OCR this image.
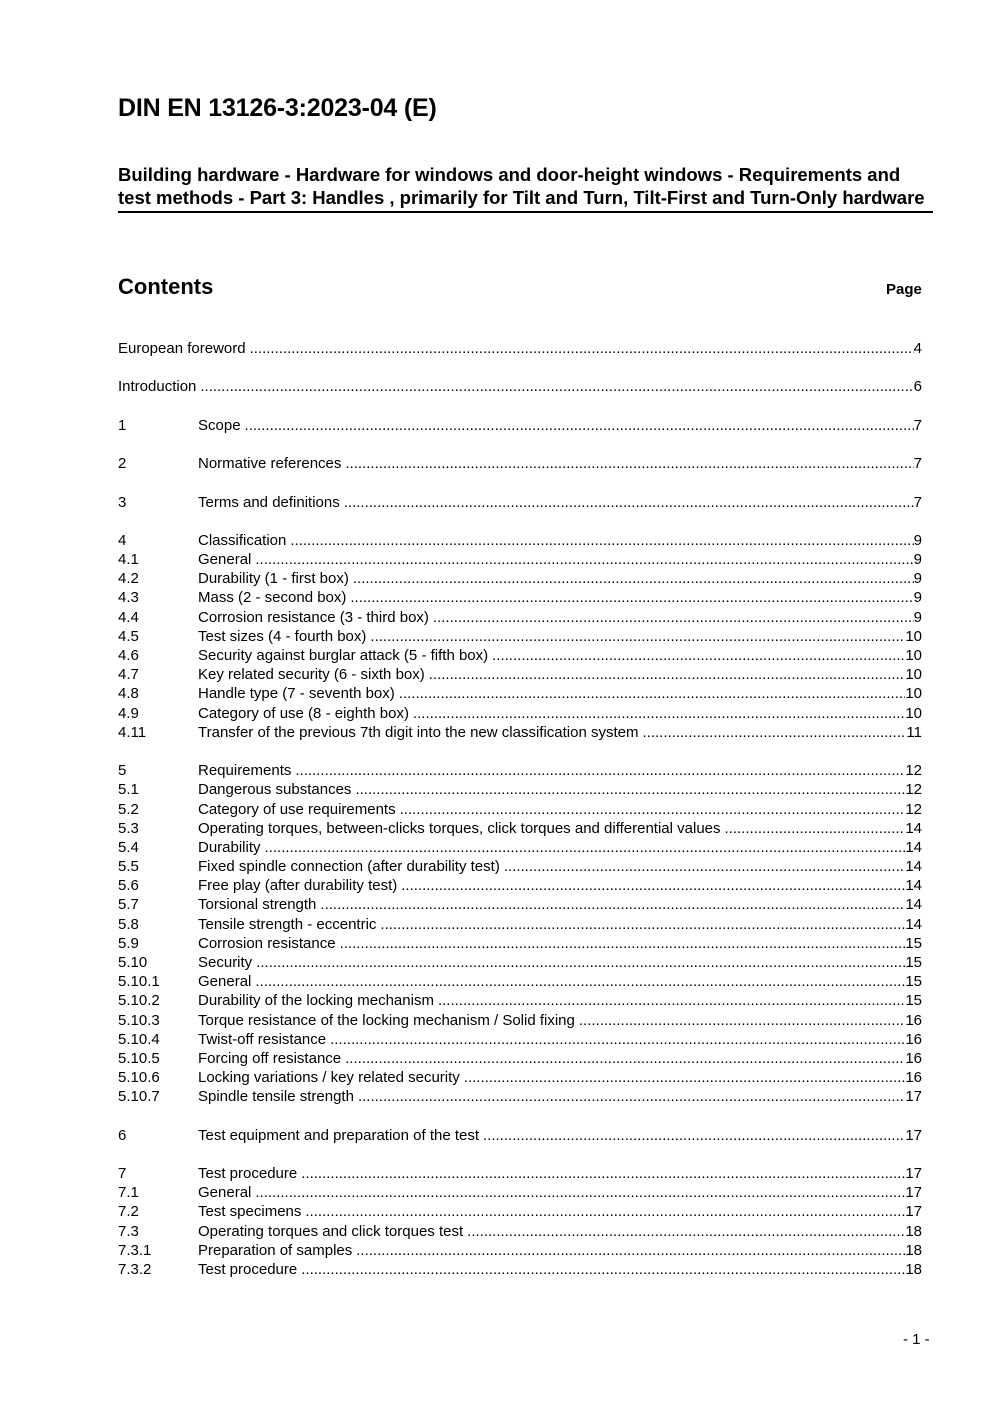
DIN EN 13126-3:2023-04 (E)
Building hardware - Hardware for windows and door-height windows - Requirements and test methods - Part 3: Handles , primarily for Tilt and Turn, Tilt-First and Turn-Only hardware
Contents	Page
European foreword .....	4
Introduction .....	6
1	Scope .....	7
2	Normative references .....	7
3	Terms and definitions .....	7
4	Classification .....	9
4.1	General .....	9
4.2	Durability (1 - first box) .....	9
4.3	Mass (2 - second box) .....	9
4.4	Corrosion resistance (3 - third box) .....	9
4.5	Test sizes (4 - fourth box) .....	10
4.6	Security against burglar attack (5 - fifth box) .....	10
4.7	Key related security (6 - sixth box) .....	10
4.8	Handle type (7 - seventh box) .....	10
4.9	Category of use (8 - eighth box) .....	10
4.11	Transfer of the previous 7th digit into the new classification system .....	11
5	Requirements .....	12
5.1	Dangerous substances .....	12
5.2	Category of use requirements .....	12
5.3	Operating torques, between-clicks torques, click torques and differential values .....	14
5.4	Durability .....	14
5.5	Fixed spindle connection (after durability test) .....	14
5.6	Free play (after durability test) .....	14
5.7	Torsional strength .....	14
5.8	Tensile strength - eccentric .....	14
5.9	Corrosion resistance .....	15
5.10	Security .....	15
5.10.1	General .....	15
5.10.2	Durability of the locking mechanism .....	15
5.10.3	Torque resistance of the locking mechanism / Solid fixing .....	16
5.10.4	Twist-off resistance .....	16
5.10.5	Forcing off resistance .....	16
5.10.6	Locking variations / key related security .....	16
5.10.7	Spindle tensile strength .....	17
6	Test equipment and preparation of the test .....	17
7	Test procedure .....	17
7.1	General .....	17
7.2	Test specimens .....	17
7.3	Operating torques and click torques test .....	18
7.3.1	Preparation of samples .....	18
7.3.2	Test procedure .....	18
- 1 -
